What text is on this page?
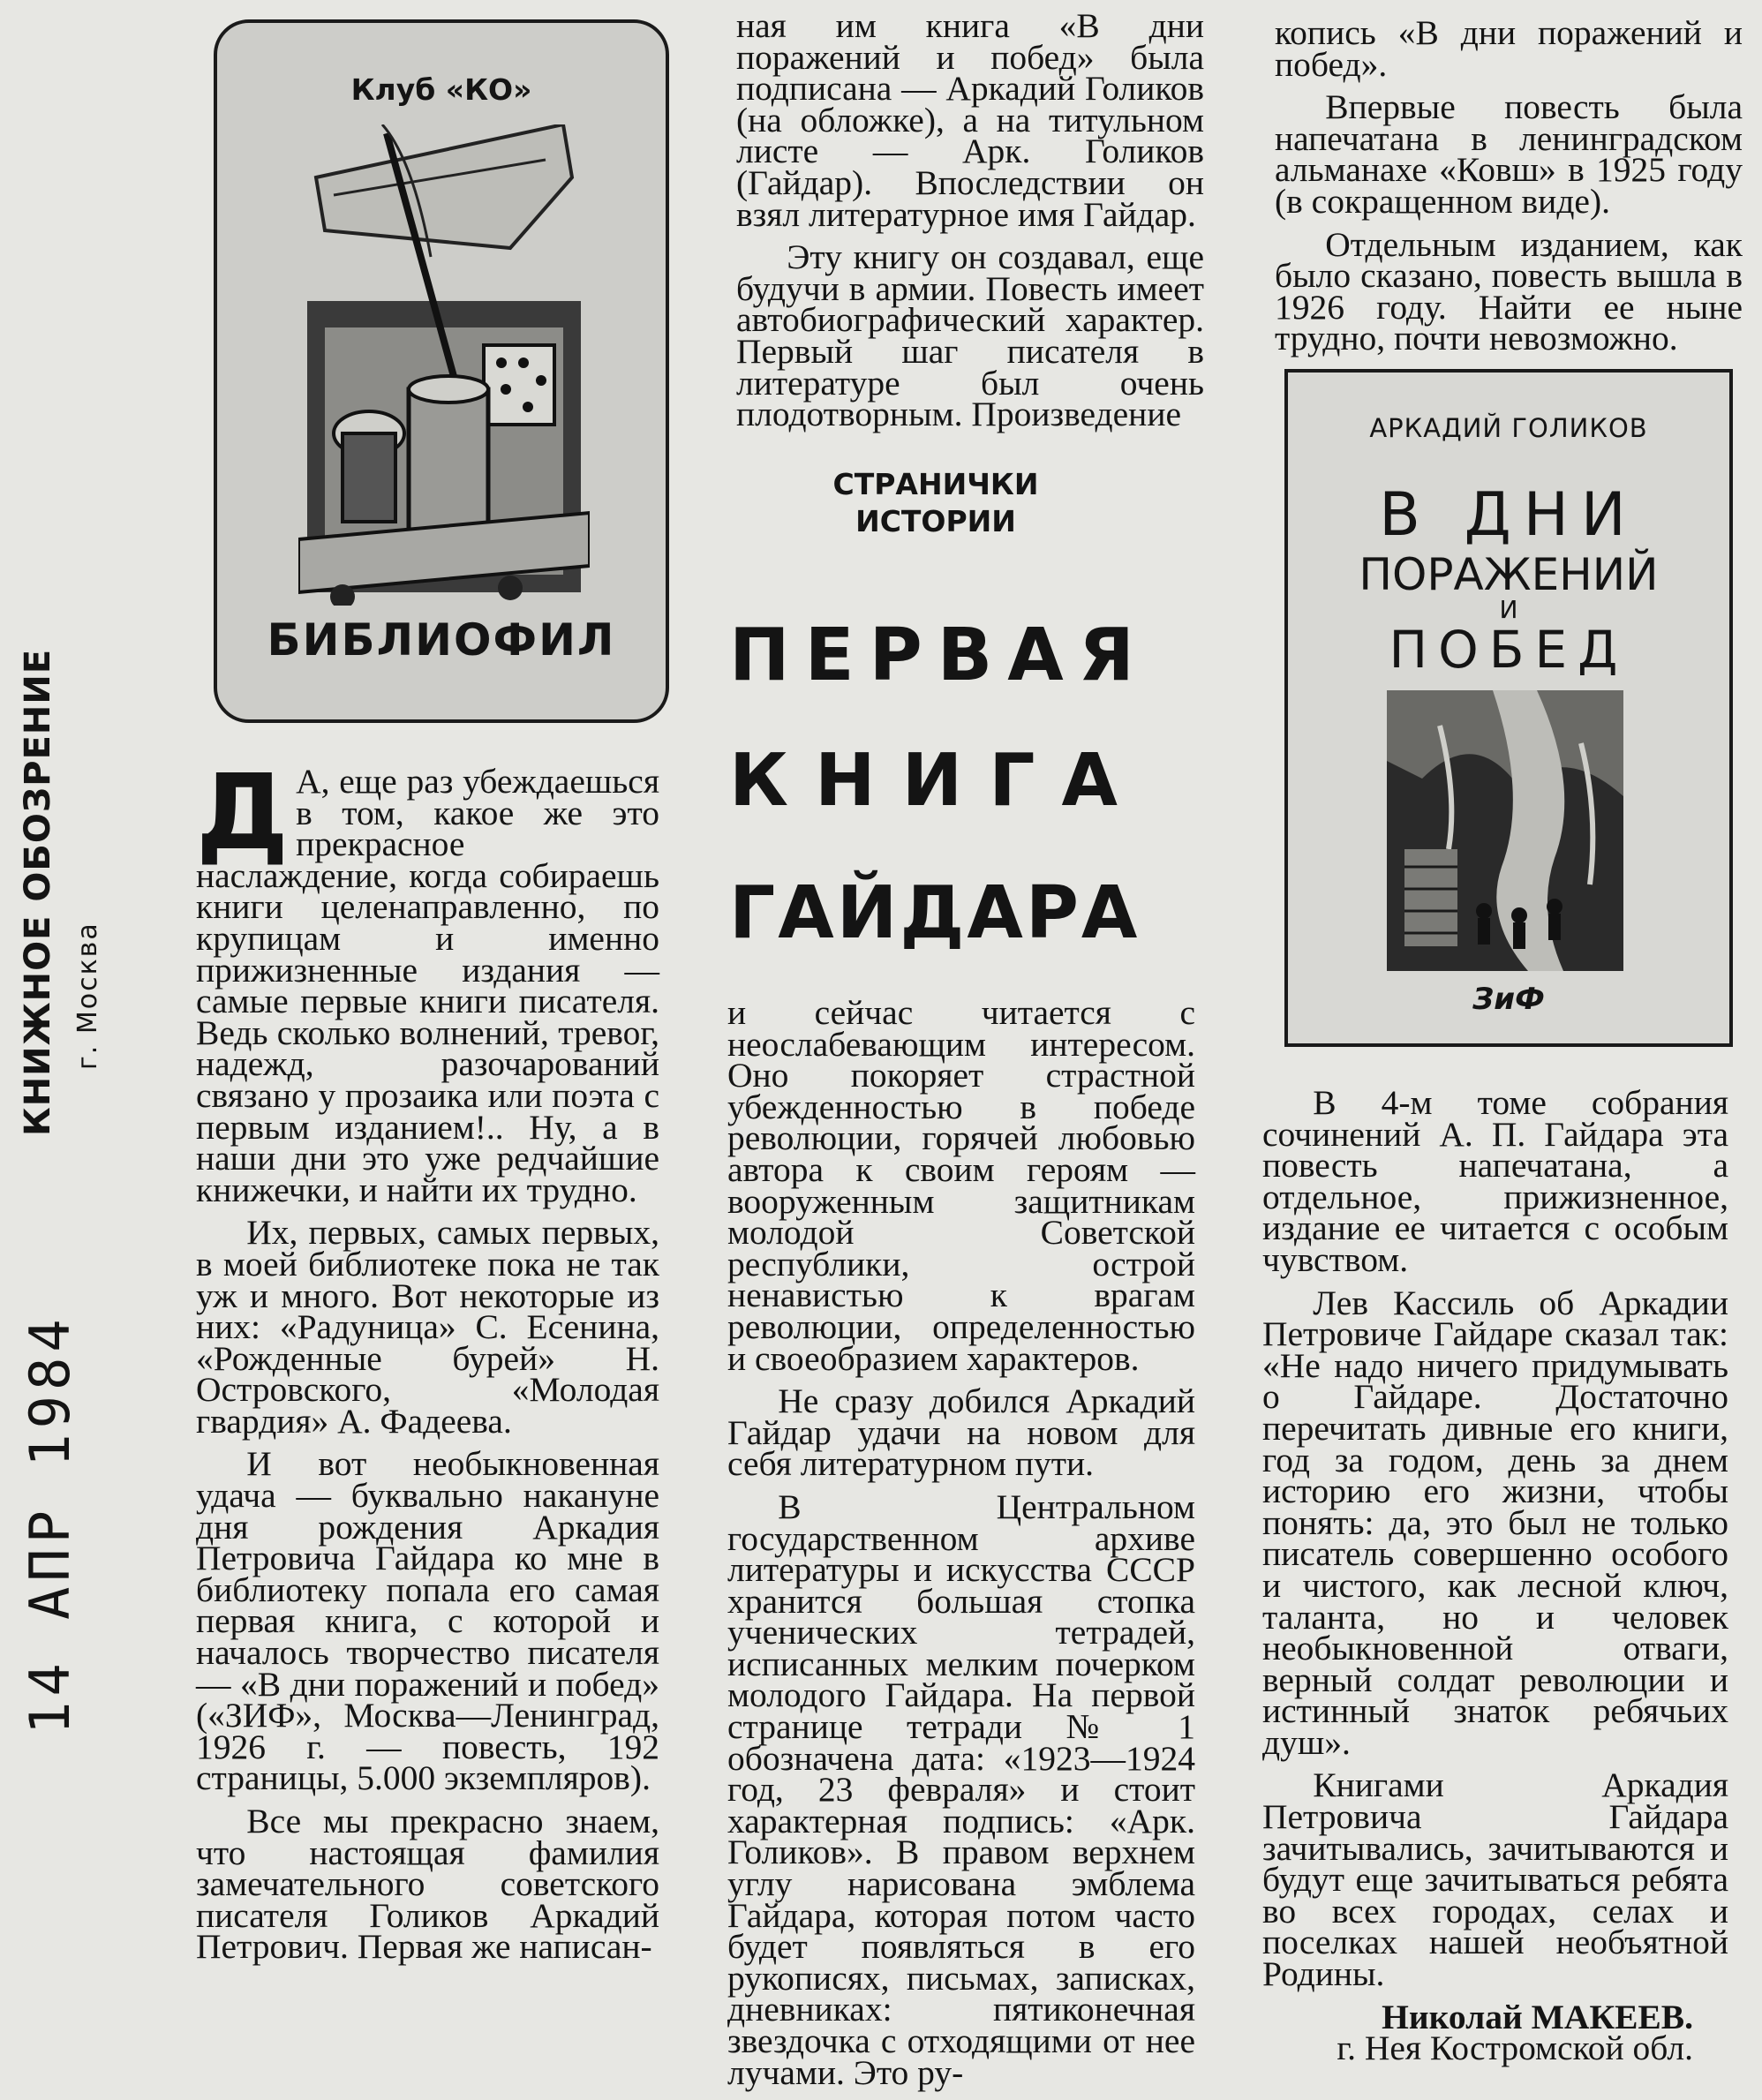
Клуб «КО»
БИБЛИОФИЛ
14 АПР 1984
КНИЖНОЕ ОБОЗРЕНИЕ г. Москва

Д А, еще раз убеждаешься в том, какое же это прекрасное наслаждение, когда собираешь книги целенаправленно, по крупицам и именно прижизненные издания — самые первые книги писателя. Ведь сколько волнений, тревог, надежд, разочарований связано у прозаика или поэта с первым изданием!.. Ну, а в наши дни это уже редчайшие книжечки, и найти их трудно.

Их, первых, самых первых, в моей библиотеке пока не так уж и много. Вот некоторые из них: «Радуница» С. Есенина, «Рожденные бурей» Н. Островского, «Молодая гвардия» А. Фадеева.

И вот необыкновенная удача — буквально накануне дня рождения Аркадия Петровича Гайдара ко мне в библиотеку попала его самая первая книга, с которой и началось творчество писателя — «В дни поражений и побед» («ЗИФ», Москва—Ленинград, 1926 г. — повесть, 192 страницы, 5.000 экземпляров).

Все мы прекрасно знаем, что настоящая фамилия замечательного советского писателя Голиков Аркадий Петрович. Первая же написан-

ная им книга «В дни поражений и побед» была подписана — Аркадий Голиков (на обложке), а на титульном листе — Арк. Голиков (Гайдар). Впоследствии он взял литературное имя Гайдар.

Эту книгу он создавал, еще будучи в армии. Повесть имеет автобиографический характер. Первый шаг писателя в литературе был очень плодотворным. Произведение

СТРАНИЧКИ
ИСТОРИИ
ПЕРВАЯ
КНИГА
ГАЙДАРА

и сейчас читается с неослабевающим интересом. Оно покоряет страстной убежденностью в победе революции, горячей любовью автора к своим героям — вооруженным защитникам молодой Советской республики, острой ненавистью к врагам революции, определенностью и своеобразием характеров.

Не сразу добился Аркадий Гайдар удачи на новом для себя литературном пути.

В Центральном государственном архиве литературы и искусства СССР хранится большая стопка ученических тетрадей, исписанных мелким почерком молодого Гайдара. На первой странице тетради № 1 обозначена дата: «1923—1924 год, 23 февраля» и стоит характерная подпись: «Арк. Голиков». В правом верхнем углу нарисована эмблема Гайдара, которая потом часто будет появляться в его рукописях, письмах, записках, дневниках: пятиконечная звездочка с отходящими от нее лучами. Это ру-

копись «В дни поражений и побед».

Впервые повесть была напечатана в ленинградском альманахе «Ковш» в 1925 году (в сокращенном виде).

Отдельным изданием, как было сказано, повесть вышла в 1926 году. Найти ее ныне трудно, почти невозможно.

АРКАДИЙ ГОЛИКОВ
В ДНИ
ПОРАЖЕНИЙ
И
ПОБЕД
ЗиФ

В 4-м томе собрания сочинений А. П. Гайдара эта повесть напечатана, а отдельное, прижизненное, издание ее читается с особым чувством.

Лев Кассиль об Аркадии Петровиче Гайдаре сказал так: «Не надо ничего придумывать о Гайдаре. Достаточно перечитать дивные его книги, год за годом, день за днем историю его жизни, чтобы понять: да, это был не только писатель совершенно особого и чистого, как лесной ключ, таланта, но и человек необыкновенной отваги, верный солдат революции и истинный знаток ребячьих душ».

Книгами Аркадия Петровича Гайдара зачитывались, зачитываются и будут еще зачитываться ребята во всех городах, селах и поселках нашей необъятной Родины.

Николай МАКЕЕВ.
г. Нея Костромской обл.
